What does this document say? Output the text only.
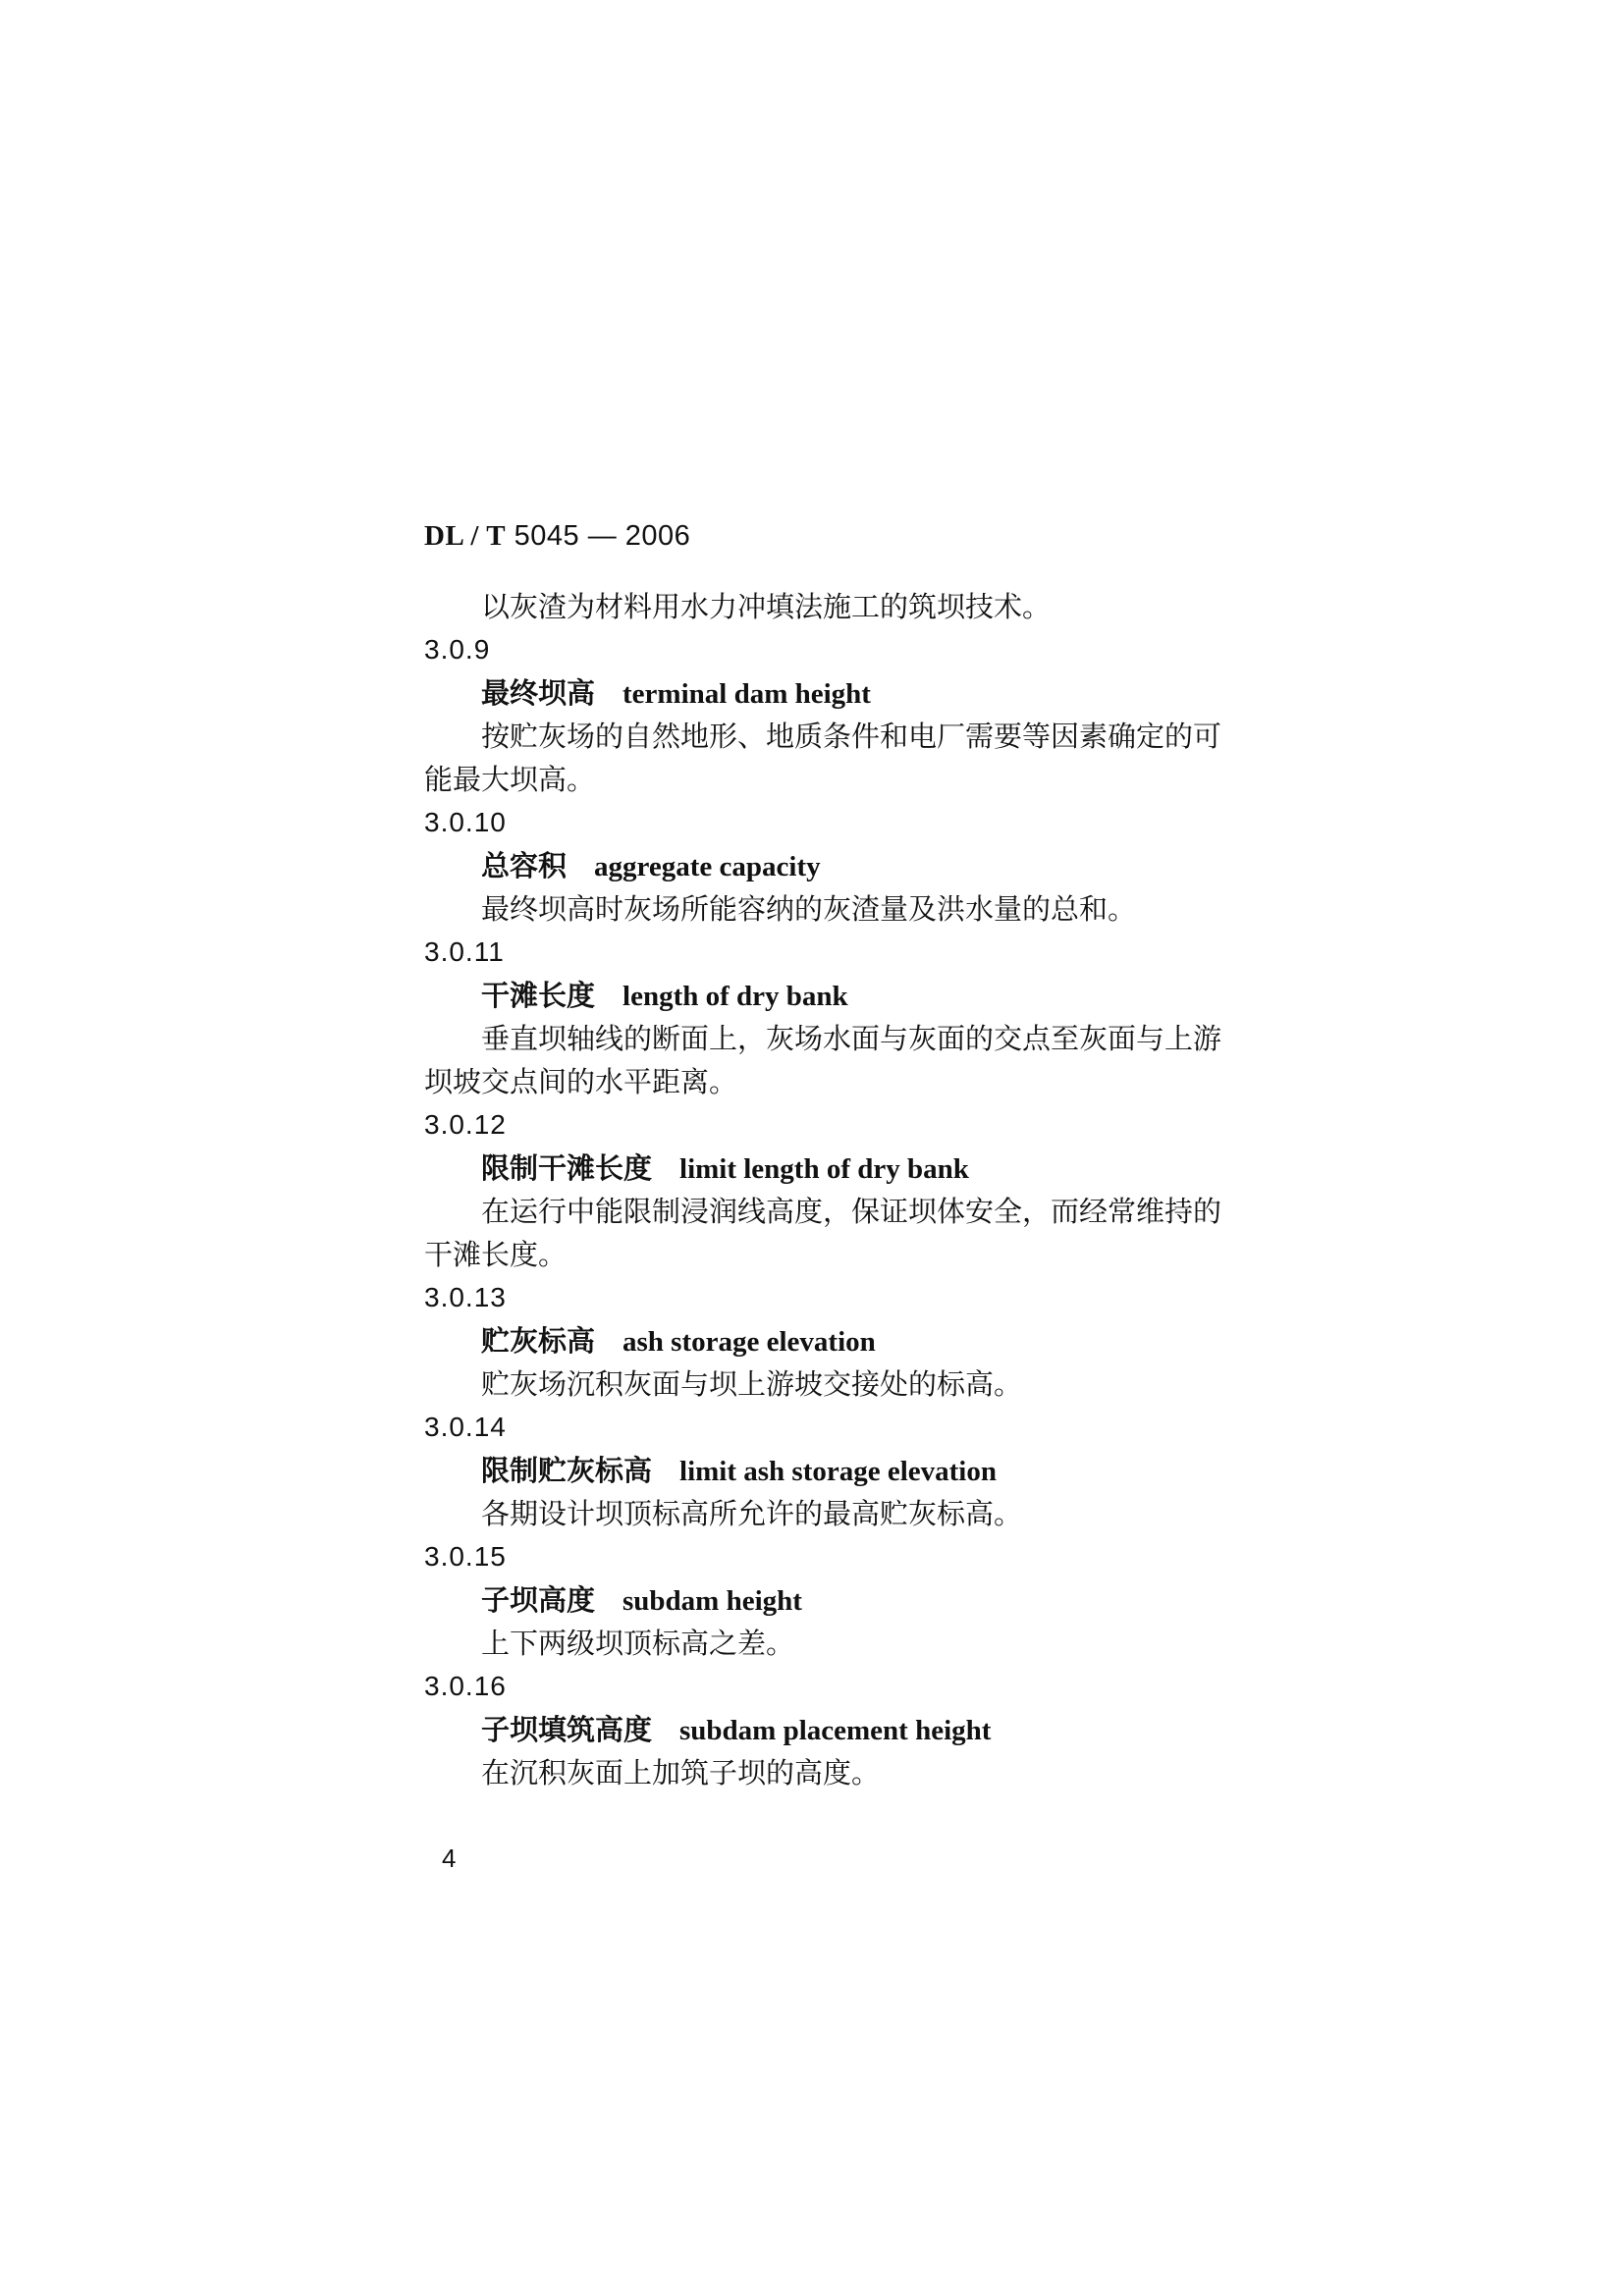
DL / T 5045 — 2006
以灰渣为材料用水力冲填法施工的筑坝技术。
3.0.9
最终坝高 terminal dam height
按贮灰场的自然地形、地质条件和电厂需要等因素确定的可
能最大坝高。
3.0.10
总容积 aggregate capacity
最终坝高时灰场所能容纳的灰渣量及洪水量的总和。
3.0.11
干滩长度 length of dry bank
垂直坝轴线的断面上，灰场水面与灰面的交点至灰面与上游
坝坡交点间的水平距离。
3.0.12
限制干滩长度 limit length of dry bank
在运行中能限制浸润线高度，保证坝体安全，而经常维持的
干滩长度。
3.0.13
贮灰标高 ash storage elevation
贮灰场沉积灰面与坝上游坡交接处的标高。
3.0.14
限制贮灰标高 limit ash storage elevation
各期设计坝顶标高所允许的最高贮灰标高。
3.0.15
子坝高度 subdam height
上下两级坝顶标高之差。
3.0.16
子坝填筑高度 subdam placement height
在沉积灰面上加筑子坝的高度。
4
